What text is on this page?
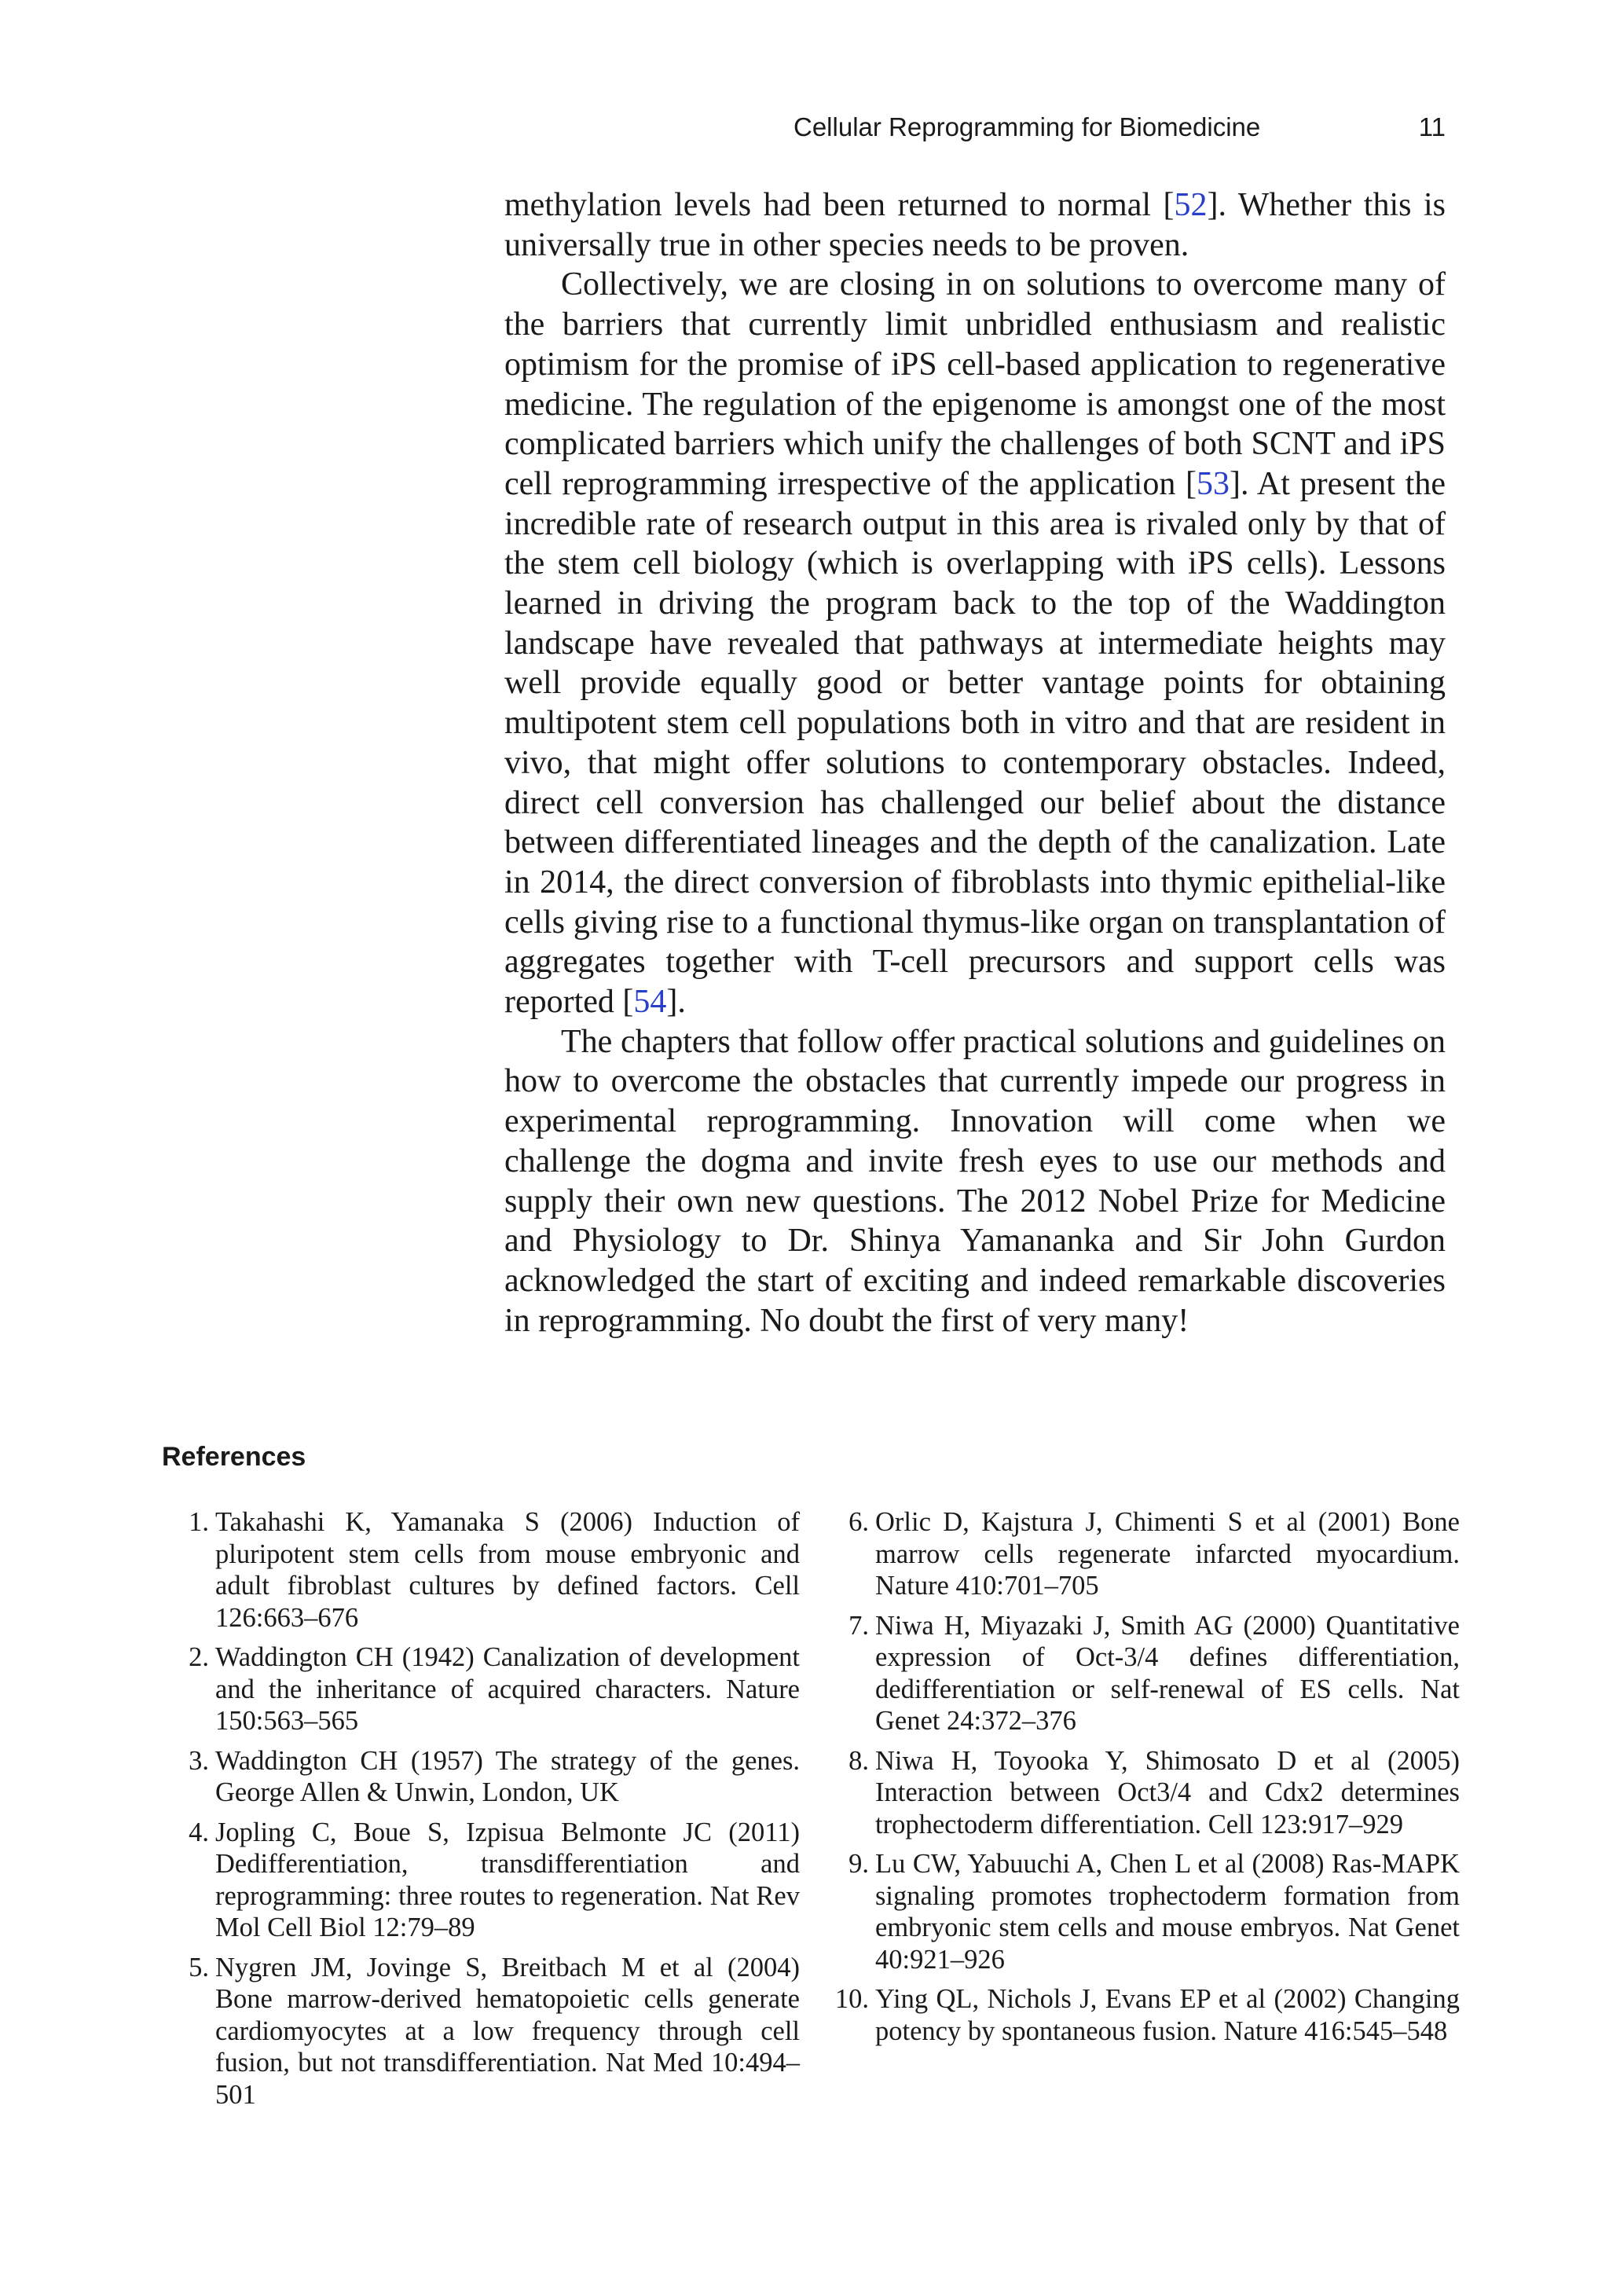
Cellular Reprogramming for Biomedicine	11

methylation levels had been returned to normal [52]. Whether this is universally true in other species needs to be proven.

Collectively, we are closing in on solutions to overcome many of the barriers that currently limit unbridled enthusiasm and realistic optimism for the promise of iPS cell-based application to regenerative medicine. The regulation of the epigenome is amongst one of the most complicated barriers which unify the challenges of both SCNT and iPS cell reprogramming irrespective of the application [53]. At present the incredible rate of research output in this area is rivaled only by that of the stem cell biology (which is overlapping with iPS cells). Lessons learned in driving the program back to the top of the Waddington landscape have revealed that pathways at intermediate heights may well provide equally good or better vantage points for obtaining multipotent stem cell populations both in vitro and that are resident in vivo, that might offer solutions to contemporary obstacles. Indeed, direct cell conversion has challenged our belief about the distance between differentiated lineages and the depth of the canalization. Late in 2014, the direct conversion of fibroblasts into thymic epithelial-like cells giving rise to a functional thymus-like organ on transplantation of aggregates together with T-cell precursors and support cells was reported [54].

The chapters that follow offer practical solutions and guidelines on how to overcome the obstacles that currently impede our progress in experimental reprogramming. Innovation will come when we challenge the dogma and invite fresh eyes to use our methods and supply their own new questions. The 2012 Nobel Prize for Medicine and Physiology to Dr. Shinya Yamananka and Sir John Gurdon acknowledged the start of exciting and indeed remarkable discoveries in reprogramming. No doubt the first of very many!

References
1. Takahashi K, Yamanaka S (2006) Induction of pluripotent stem cells from mouse embryonic and adult fibroblast cultures by defined factors. Cell 126:663–676
2. Waddington CH (1942) Canalization of development and the inheritance of acquired characters. Nature 150:563–565
3. Waddington CH (1957) The strategy of the genes. George Allen & Unwin, London, UK
4. Jopling C, Boue S, Izpisua Belmonte JC (2011) Dedifferentiation, transdifferentiation and reprogramming: three routes to regeneration. Nat Rev Mol Cell Biol 12:79–89
5. Nygren JM, Jovinge S, Breitbach M et al (2004) Bone marrow-derived hematopoietic cells generate cardiomyocytes at a low frequency through cell fusion, but not transdifferentiation. Nat Med 10:494–501
6. Orlic D, Kajstura J, Chimenti S et al (2001) Bone marrow cells regenerate infarcted myocardium. Nature 410:701–705
7. Niwa H, Miyazaki J, Smith AG (2000) Quantitative expression of Oct-3/4 defines differentiation, dedifferentiation or self-renewal of ES cells. Nat Genet 24:372–376
8. Niwa H, Toyooka Y, Shimosato D et al (2005) Interaction between Oct3/4 and Cdx2 determines trophectoderm differentiation. Cell 123:917–929
9. Lu CW, Yabuuchi A, Chen L et al (2008) Ras-MAPK signaling promotes trophectoderm formation from embryonic stem cells and mouse embryos. Nat Genet 40:921–926
10. Ying QL, Nichols J, Evans EP et al (2002) Changing potency by spontaneous fusion. Nature 416:545–548
